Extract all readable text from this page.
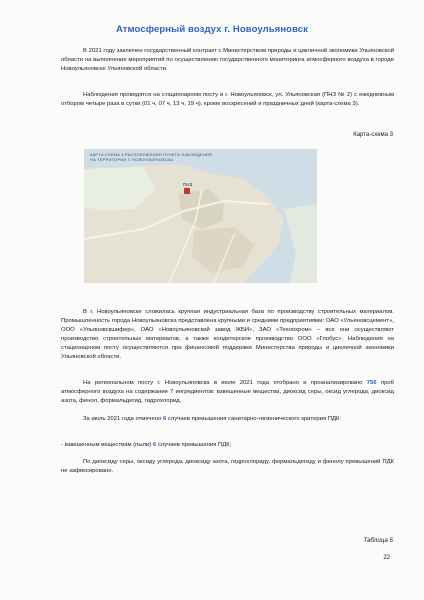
Атмосферный воздух г. Новоульяновск

В 2021 году заключен государственный контракт с Министерством природы и цикличной экономики Ульяновской области на выполнение мероприятий по осуществлению государственного мониторинга атмосферного воздуха в городе Новоульяновске Ульяновской области.

Наблюдения проводятся на стационарном посту в г. Новоульяновск, ул. Ульяновская (ПНЗ № 2) с ежедневным отбором четыре раза в сутки (01 ч, 07 ч, 13 ч, 19 ч), кроме воскресений и праздничных дней (карта-схема 3).

Карта-схема 3
ПНЗ
КАРТА-СХЕМА 3 РАСПОЛОЖЕНИЯ ПУНКТА НАБЛЮДЕНИЯ
НА ТЕРРИТОРИИ Г. НОВОУЛЬЯНОВСКА

В г. Новоульяновске сложилась крупная индустриальная база по производству строительных материалов. Промышленность города Новоульяновска представлена крупными и средними предприятиями: ОАО «Ульяновсцемент», ООО «Ульяновскшифер», ОАО «Новоульяновский завод ЖБИ», ЗАО «Технохром» – все они осуществляют производство строительных материалов, а также кондитерское производство ООО «Глобус». Наблюдения на стационарном посту осуществляются при финансовой поддержке Министерства природы и цикличной экономики Ульяновской области.

На региональном посту г. Новоульяновска в июле 2021 года отобрано и проанализировано 756 проб атмосферного воздуха на содержание 7 ингредиентов: взвешенные вещества, диоксид серы, оксид углерода, диоксид азота, фенол, формальдегид, гидрохлорид.

За июль 2021 года отмечено 6 случаев превышения санитарно-гигиенического критерия ПДК:

- взвешенным веществам (пыли) 6 случаев превышения ПДК;

По диоксиду серы, оксиду углерода, диоксиду азота, гидрохлориду, формальдегиду и фенолу превышений ПДК не зафиксировано.

Таблица 5
22
